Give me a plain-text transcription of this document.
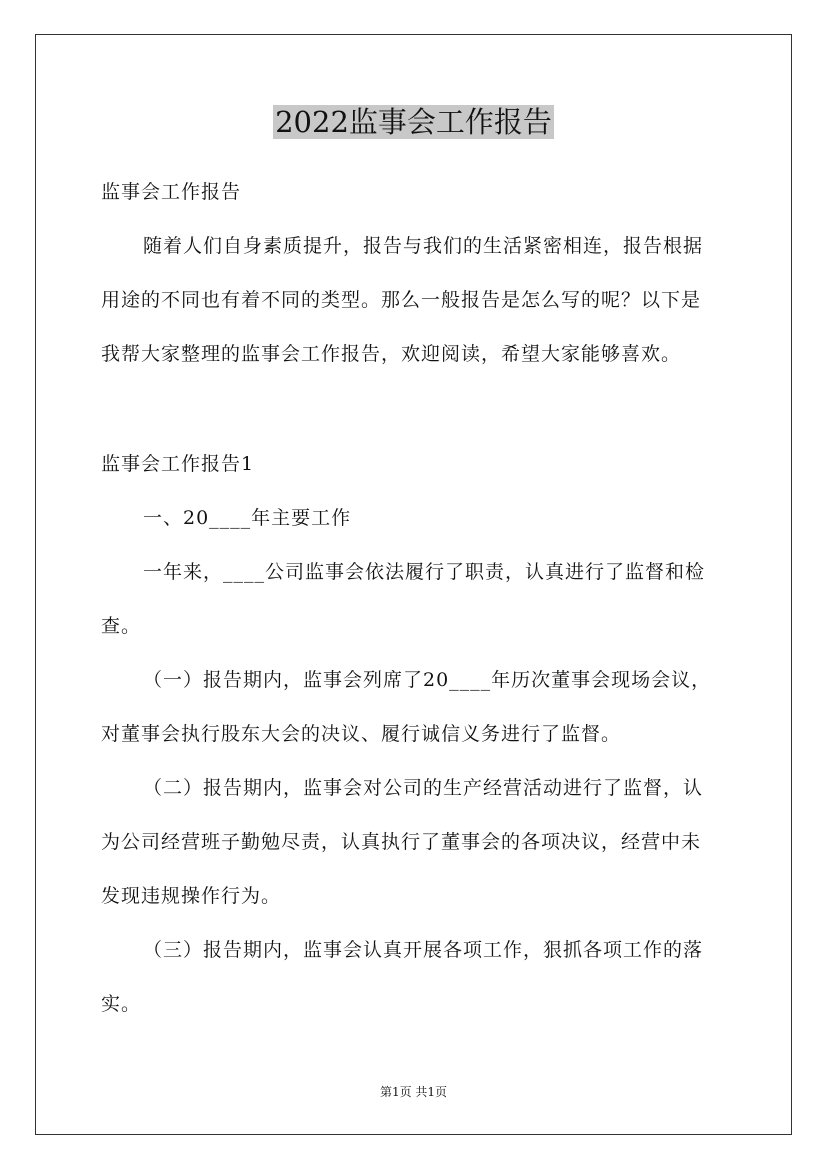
2022监事会工作报告
监事会工作报告
随着人们自身素质提升，报告与我们的生活紧密相连，报告根据
用途的不同也有着不同的类型。那么一般报告是怎么写的呢？以下是
我帮大家整理的监事会工作报告，欢迎阅读，希望大家能够喜欢。
监事会工作报告1
一、20____年主要工作
一年来，____公司监事会依法履行了职责，认真进行了监督和检
查。
（一）报告期内，监事会列席了20____年历次董事会现场会议，
对董事会执行股东大会的决议、履行诚信义务进行了监督。
（二）报告期内，监事会对公司的生产经营活动进行了监督，认
为公司经营班子勤勉尽责，认真执行了董事会的各项决议，经营中未
发现违规操作行为。
（三）报告期内，监事会认真开展各项工作，狠抓各项工作的落
实。
第1页 共1页
